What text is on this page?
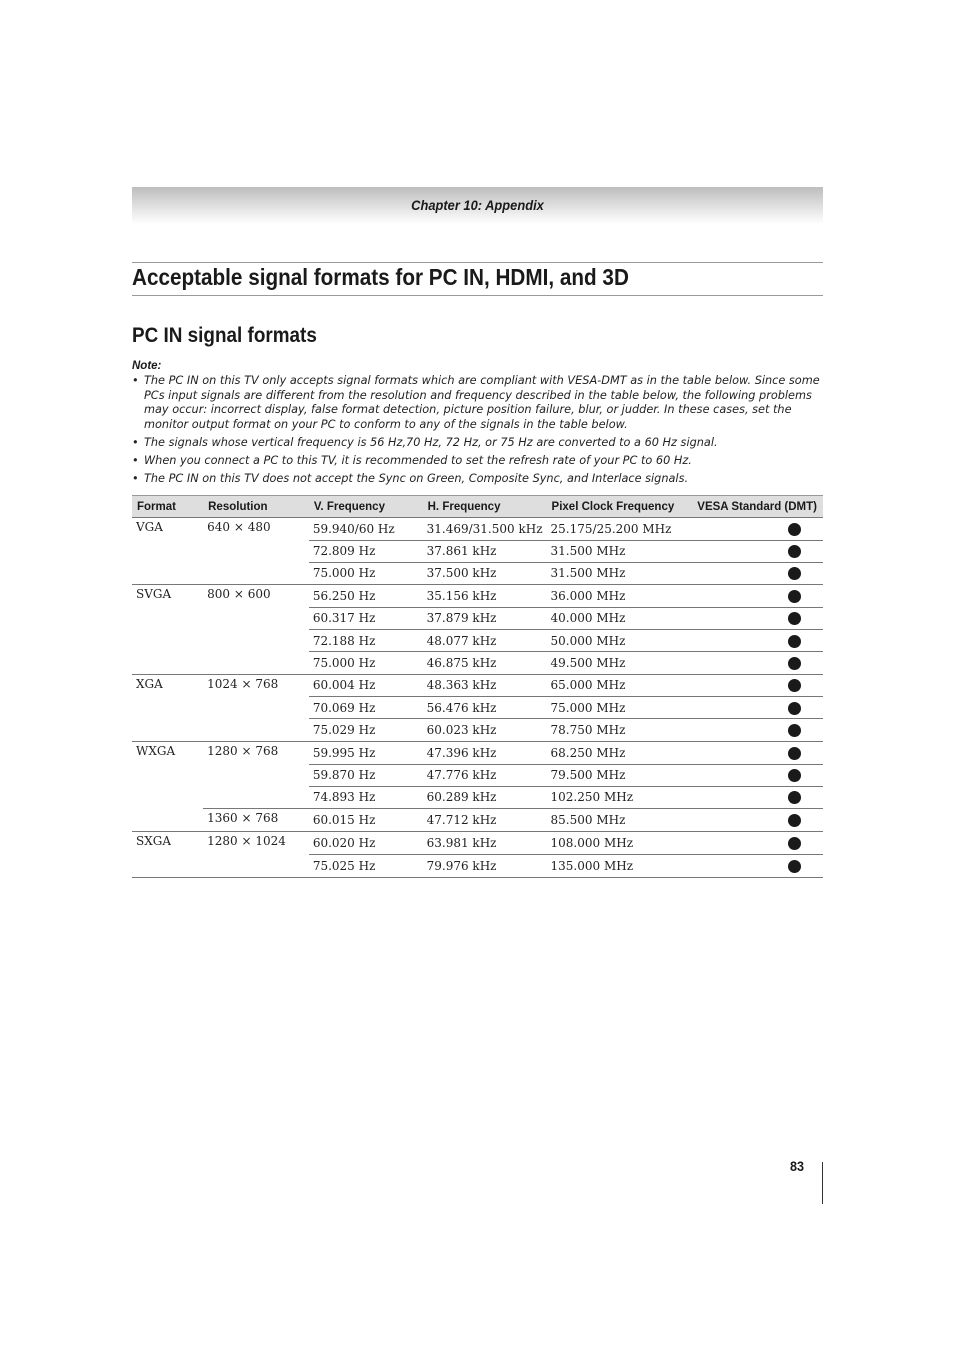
Chapter 10: Appendix
Acceptable signal formats for PC IN, HDMI, and 3D
PC IN signal formats
Note:
• The PC IN on this TV only accepts signal formats which are compliant with VESA-DMT as in the table below. Since some PCs input signals are different from the resolution and frequency described in the table below, the following problems may occur: incorrect display, false format detection, picture position failure, blur, or judder. In these cases, set the monitor output format on your PC to conform to any of the signals in the table below.
• The signals whose vertical frequency is 56 Hz,70 Hz, 72 Hz, or 75 Hz are converted to a 60 Hz signal.
• When you connect a PC to this TV, it is recommended to set the refresh rate of your PC to 60 Hz.
• The PC IN on this TV does not accept the Sync on Green, Composite Sync, and Interlace signals.
Format	Resolution	V. Frequency	H. Frequency	Pixel Clock Frequency	VESA Standard (DMT)
VGA	640 × 480	59.940/60 Hz	31.469/31.500 kHz	25.175/25.200 MHz	
		72.809 Hz	37.861 kHz	31.500 MHz	
		75.000 Hz	37.500 kHz	31.500 MHz	
SVGA	800 × 600	56.250 Hz	35.156 kHz	36.000 MHz	
		60.317 Hz	37.879 kHz	40.000 MHz	
		72.188 Hz	48.077 kHz	50.000 MHz	
		75.000 Hz	46.875 kHz	49.500 MHz	
XGA	1024 × 768	60.004 Hz	48.363 kHz	65.000 MHz	
		70.069 Hz	56.476 kHz	75.000 MHz	
		75.029 Hz	60.023 kHz	78.750 MHz	
WXGA	1280 × 768	59.995 Hz	47.396 kHz	68.250 MHz	
		59.870 Hz	47.776 kHz	79.500 MHz	
		74.893 Hz	60.289 kHz	102.250 MHz	
	1360 × 768	60.015 Hz	47.712 kHz	85.500 MHz	
SXGA	1280 × 1024	60.020 Hz	63.981 kHz	108.000 MHz	
		75.025 Hz	79.976 kHz	135.000 MHz	
83
